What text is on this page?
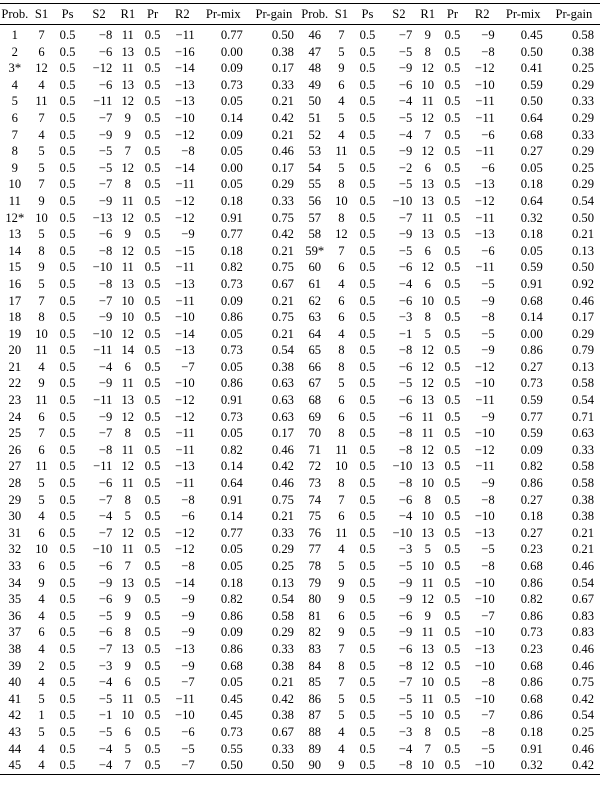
Prob.	S1	Ps	S2	R1	Pr	R2	Pr-mix	Pr-gain	Prob.	S1	Ps	S2	R1	Pr	R2	Pr-mix	Pr-gain
1	7	0.5	−8	11	0.5	−11	0.77	0.50	46	7	0.5	−7	9	0.5	−9	0.45	0.58
2	6	0.5	−6	13	0.5	−16	0.00	0.38	47	5	0.5	−5	8	0.5	−8	0.50	0.38
3*	12	0.5	−12	11	0.5	−14	0.09	0.17	48	9	0.5	−9	12	0.5	−12	0.41	0.25
4	4	0.5	−6	13	0.5	−13	0.73	0.33	49	6	0.5	−6	10	0.5	−10	0.59	0.29
5	11	0.5	−11	12	0.5	−13	0.05	0.21	50	4	0.5	−4	11	0.5	−11	0.50	0.33
6	7	0.5	−7	9	0.5	−10	0.14	0.42	51	5	0.5	−5	12	0.5	−11	0.64	0.29
7	4	0.5	−9	9	0.5	−12	0.09	0.21	52	4	0.5	−4	7	0.5	−6	0.68	0.33
8	5	0.5	−5	7	0.5	−8	0.05	0.46	53	11	0.5	−9	12	0.5	−11	0.27	0.29
9	5	0.5	−5	12	0.5	−14	0.00	0.17	54	5	0.5	−2	6	0.5	−6	0.05	0.25
10	7	0.5	−7	8	0.5	−11	0.05	0.29	55	8	0.5	−5	13	0.5	−13	0.18	0.29
11	9	0.5	−9	11	0.5	−12	0.18	0.33	56	10	0.5	−10	13	0.5	−12	0.64	0.54
12*	10	0.5	−13	12	0.5	−12	0.91	0.75	57	8	0.5	−7	11	0.5	−11	0.32	0.50
13	5	0.5	−6	9	0.5	−9	0.77	0.42	58	12	0.5	−9	13	0.5	−13	0.18	0.21
14	8	0.5	−8	12	0.5	−15	0.18	0.21	59*	7	0.5	−5	6	0.5	−6	0.05	0.13
15	9	0.5	−10	11	0.5	−11	0.82	0.75	60	6	0.5	−6	12	0.5	−11	0.59	0.50
16	5	0.5	−8	13	0.5	−13	0.73	0.67	61	4	0.5	−4	6	0.5	−5	0.91	0.92
17	7	0.5	−7	10	0.5	−11	0.09	0.21	62	6	0.5	−6	10	0.5	−9	0.68	0.46
18	8	0.5	−9	10	0.5	−10	0.86	0.75	63	6	0.5	−3	8	0.5	−8	0.14	0.17
19	10	0.5	−10	12	0.5	−14	0.05	0.21	64	4	0.5	−1	5	0.5	−5	0.00	0.29
20	11	0.5	−11	14	0.5	−13	0.73	0.54	65	8	0.5	−8	12	0.5	−9	0.86	0.79
21	4	0.5	−4	6	0.5	−7	0.05	0.38	66	8	0.5	−6	12	0.5	−12	0.27	0.13
22	9	0.5	−9	11	0.5	−10	0.86	0.63	67	5	0.5	−5	12	0.5	−10	0.73	0.58
23	11	0.5	−11	13	0.5	−12	0.91	0.63	68	6	0.5	−6	13	0.5	−11	0.59	0.54
24	6	0.5	−9	12	0.5	−12	0.73	0.63	69	6	0.5	−6	11	0.5	−9	0.77	0.71
25	7	0.5	−7	8	0.5	−11	0.05	0.17	70	8	0.5	−8	11	0.5	−10	0.59	0.63
26	6	0.5	−8	11	0.5	−11	0.82	0.46	71	11	0.5	−8	12	0.5	−12	0.09	0.33
27	11	0.5	−11	12	0.5	−13	0.14	0.42	72	10	0.5	−10	13	0.5	−11	0.82	0.58
28	5	0.5	−6	11	0.5	−11	0.64	0.46	73	8	0.5	−8	10	0.5	−9	0.86	0.58
29	5	0.5	−7	8	0.5	−8	0.91	0.75	74	7	0.5	−6	8	0.5	−8	0.27	0.38
30	4	0.5	−4	5	0.5	−6	0.14	0.21	75	6	0.5	−4	10	0.5	−10	0.18	0.38
31	6	0.5	−7	12	0.5	−12	0.77	0.33	76	11	0.5	−10	13	0.5	−13	0.27	0.21
32	10	0.5	−10	11	0.5	−12	0.05	0.29	77	4	0.5	−3	5	0.5	−5	0.23	0.21
33	6	0.5	−6	7	0.5	−8	0.05	0.25	78	5	0.5	−5	10	0.5	−8	0.68	0.46
34	9	0.5	−9	13	0.5	−14	0.18	0.13	79	9	0.5	−9	11	0.5	−10	0.86	0.54
35	4	0.5	−6	9	0.5	−9	0.82	0.54	80	9	0.5	−9	12	0.5	−10	0.82	0.67
36	4	0.5	−5	9	0.5	−9	0.86	0.58	81	6	0.5	−6	9	0.5	−7	0.86	0.83
37	6	0.5	−6	8	0.5	−9	0.09	0.29	82	9	0.5	−9	11	0.5	−10	0.73	0.83
38	4	0.5	−7	13	0.5	−13	0.86	0.33	83	7	0.5	−6	13	0.5	−13	0.23	0.46
39	2	0.5	−3	9	0.5	−9	0.68	0.38	84	8	0.5	−8	12	0.5	−10	0.68	0.46
40	4	0.5	−4	6	0.5	−7	0.05	0.21	85	7	0.5	−7	10	0.5	−8	0.86	0.75
41	5	0.5	−5	11	0.5	−11	0.45	0.42	86	5	0.5	−5	11	0.5	−10	0.68	0.42
42	1	0.5	−1	10	0.5	−10	0.45	0.38	87	5	0.5	−5	10	0.5	−7	0.86	0.54
43	5	0.5	−5	6	0.5	−6	0.73	0.67	88	4	0.5	−3	8	0.5	−8	0.18	0.25
44	4	0.5	−4	5	0.5	−5	0.55	0.33	89	4	0.5	−4	7	0.5	−5	0.91	0.46
45	4	0.5	−4	7	0.5	−7	0.50	0.50	90	9	0.5	−8	10	0.5	−10	0.32	0.42
